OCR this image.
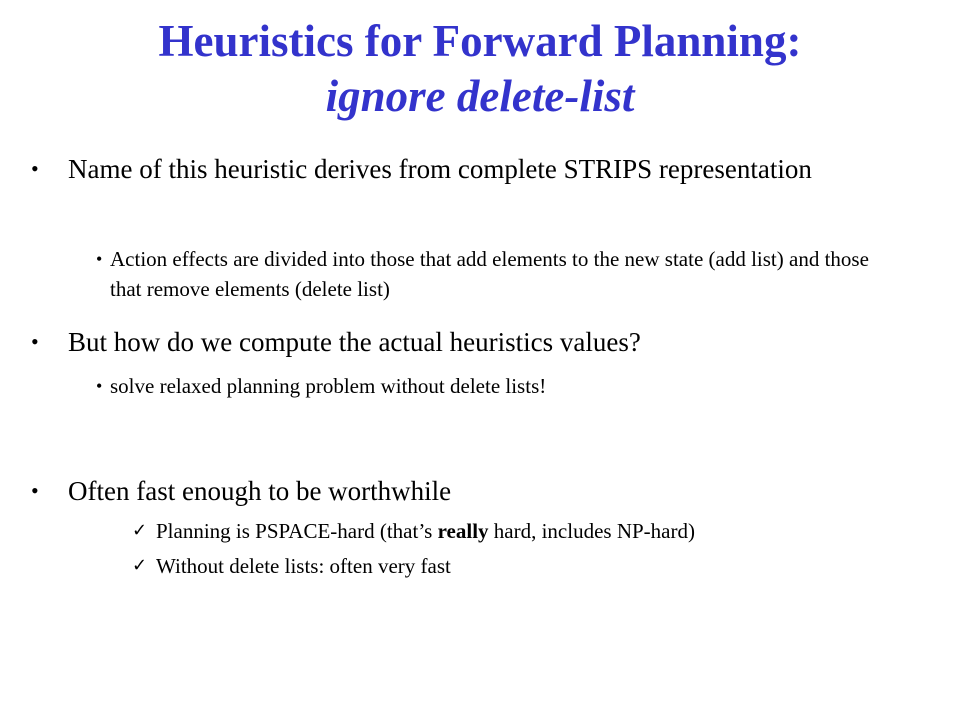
Heuristics for Forward Planning:
ignore delete-list
•	Name of this heuristic derives from complete STRIPS representation
• Action effects are divided into those that add elements to the new state (add list) and those that remove elements (delete list)
•	But how do we compute the actual heuristics values?
• solve relaxed planning problem without delete lists!
•	Often fast enough to be worthwhile
✓ Planning is PSPACE-hard (that’s really hard, includes NP-hard)
✓ Without delete lists: often very fast
